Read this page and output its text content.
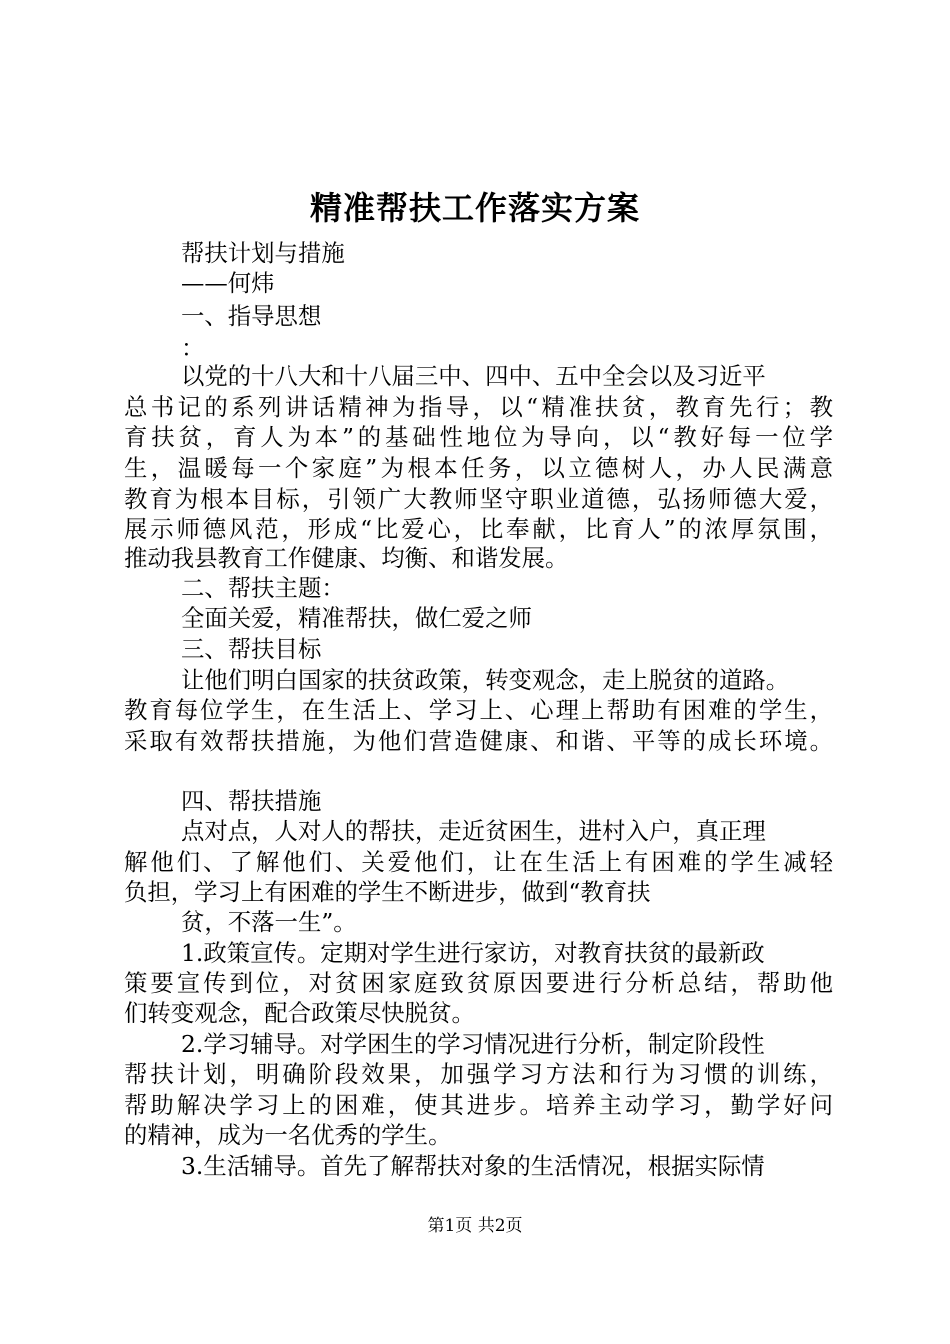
精准帮扶工作落实方案

帮扶计划与措施

——何炜

一、指导思想

：

以党的十八大和十八届三中、四中、五中全会以及习近平

总书记的系列讲话精神为指导，以“精准扶贫，教育先行；教

育扶贫，育人为本”的基础性地位为导向，以“教好每一位学

生，温暖每一个家庭”为根本任务，以立德树人，办人民满意

教育为根本目标，引领广大教师坚守职业道德，弘扬师德大爱，

展示师德风范，形成“比爱心，比奉献，比育人”的浓厚氛围，

推动我县教育工作健康、均衡、和谐发展。

二、帮扶主题：

全面关爱，精准帮扶，做仁爱之师

三、帮扶目标

让他们明白国家的扶贫政策，转变观念，走上脱贫的道路。

教育每位学生，在生活上、学习上、心理上帮助有困难的学生，

采取有效帮扶措施，为他们营造健康、和谐、平等的成长环境。

四、帮扶措施

点对点，人对人的帮扶，走近贫困生，进村入户，真正理

解他们、了解他们、关爱他们，让在生活上有困难的学生减轻

负担，学习上有困难的学生不断进步，做到“教育扶

贫，不落一生”。

1.政策宣传。定期对学生进行家访，对教育扶贫的最新政

策要宣传到位，对贫困家庭致贫原因要进行分析总结，帮助他

们转变观念，配合政策尽快脱贫。

2.学习辅导。对学困生的学习情况进行分析，制定阶段性

帮扶计划，明确阶段效果，加强学习方法和行为习惯的训练，

帮助解决学习上的困难，使其进步。培养主动学习，勤学好问

的精神，成为一名优秀的学生。

3.生活辅导。首先了解帮扶对象的生活情况，根据实际情

第1页 共2页
